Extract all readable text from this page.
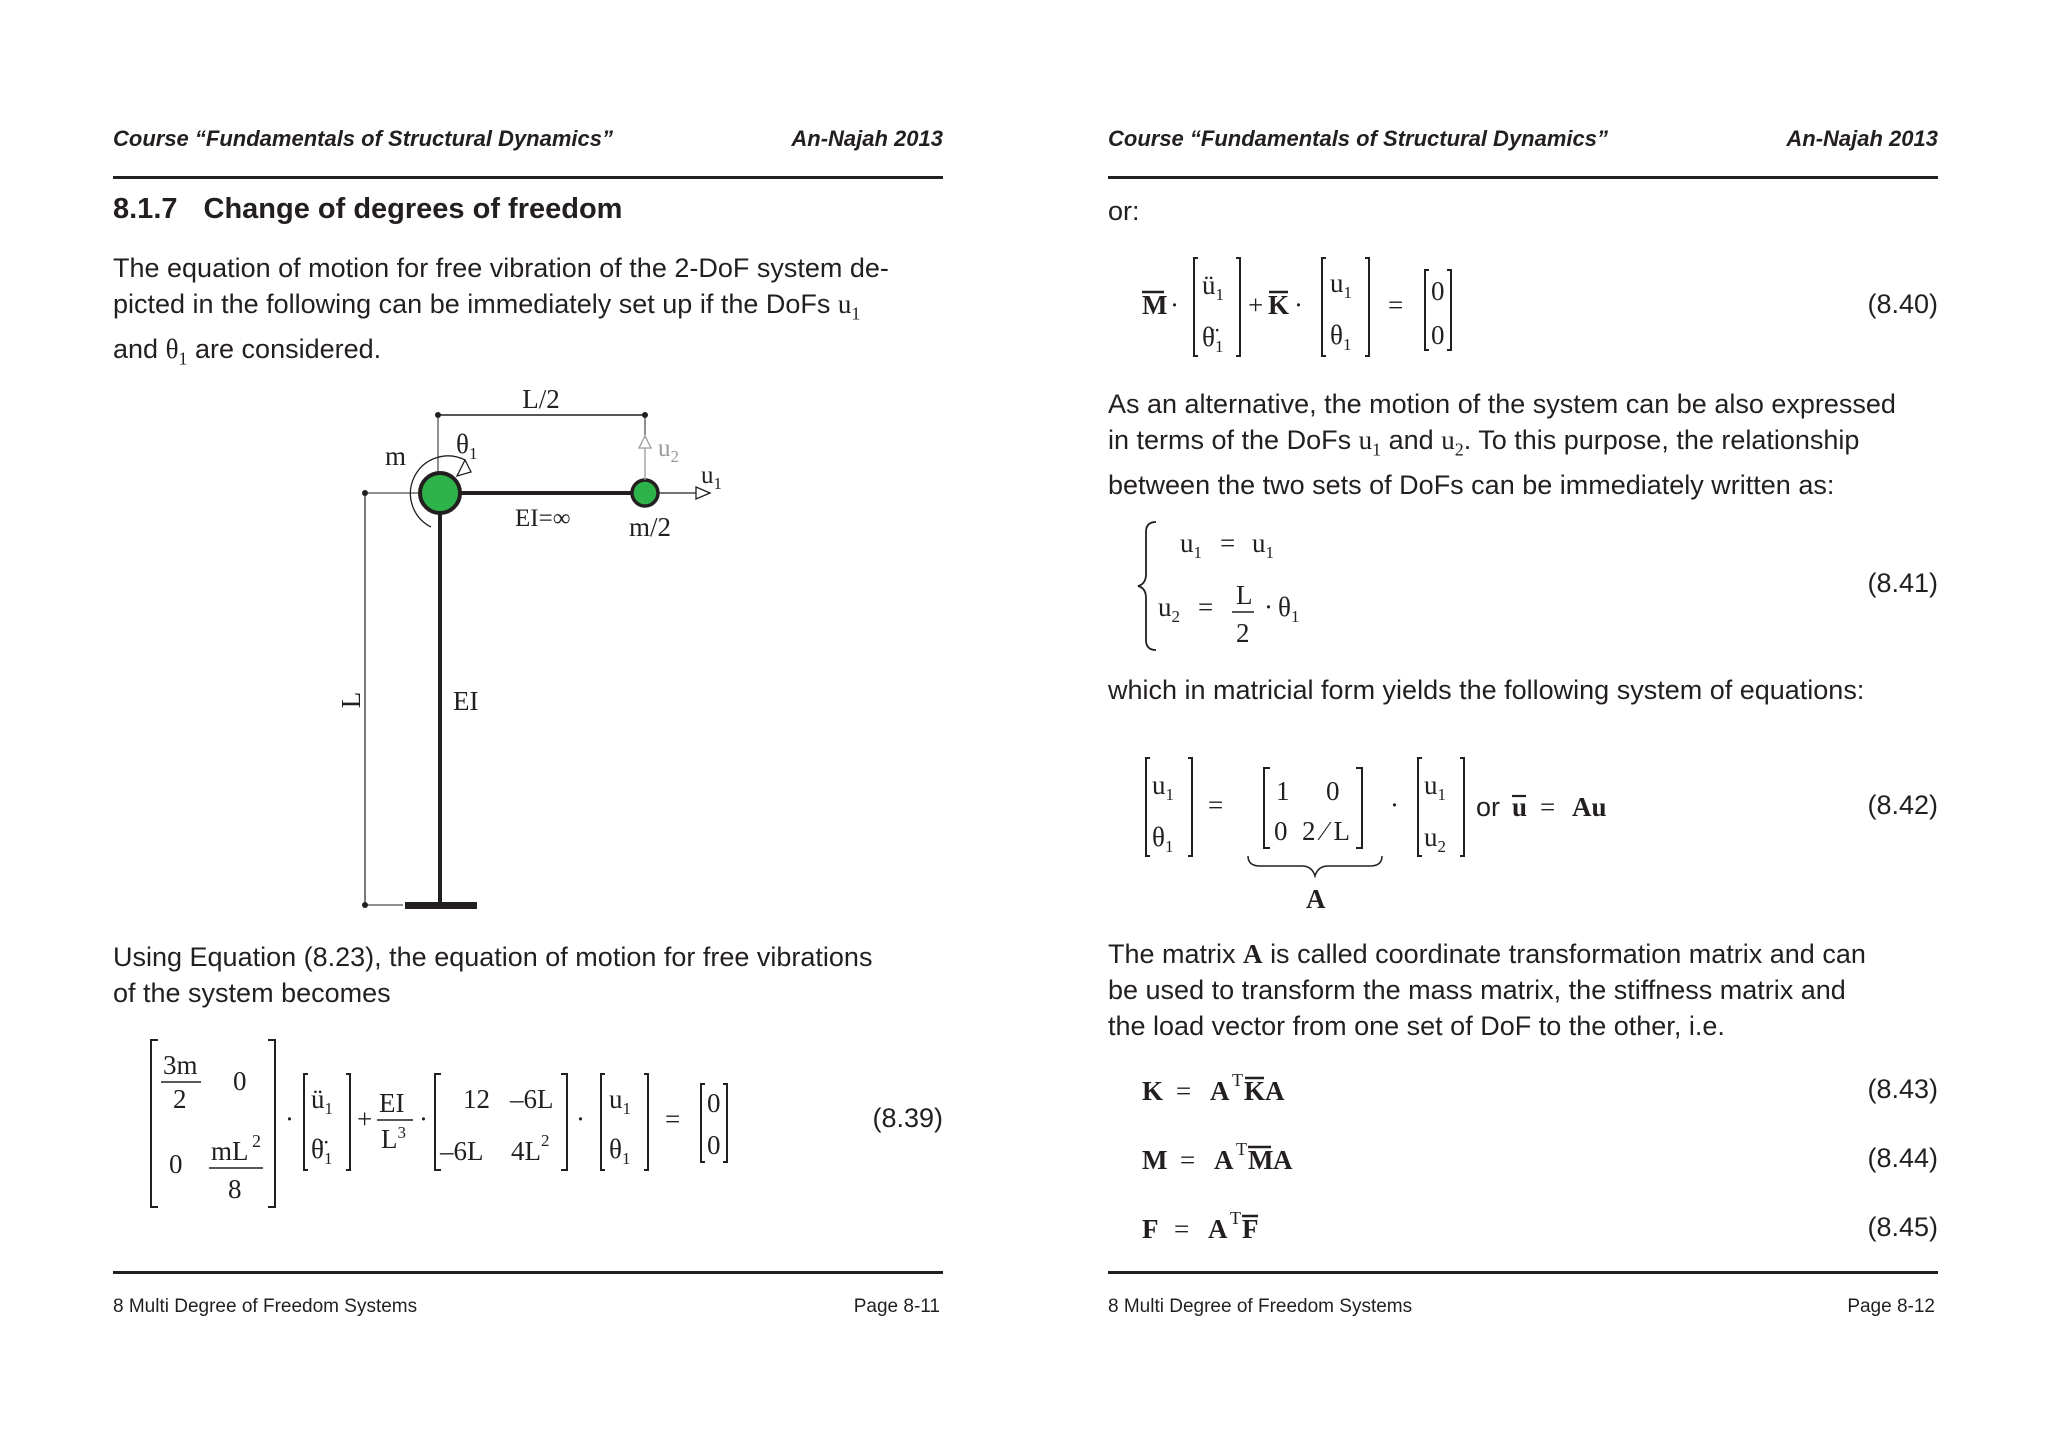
Course “Fundamentals of Structural Dynamics”	An-Najah 2013
8.1.7 Change of degrees of freedom
The equation of motion for free vibration of the 2-DoF system de-
picted in the following can be immediately set up if the DoFs $u_1$
and $\theta_1$ are considered.
L/2
L
m $\theta_1$	$u_2$
$u_1$
EI=∞ m/2
EI
Using Equation (8.23), the equation of motion for free vibrations
of the system becomes
3m
2
0
0 mL 2
8
·
$ü_1$
$\thetä_1$
+
EI
$L^3$ ·
12 –6L
–6L 4L 2
·
$u_1$
$\theta_1$
=
0
0
(8.39)
8 Multi Degree of Freedom Systems	Page 8-11
Course “Fundamentals of Structural Dynamics”	An-Najah 2013
or:
M ·
$ü_1$
$\thetä_1$
+ K ·
$u_1$
$\theta_1$
= 0
0
(8.40)
As an alternative, the motion of the system can be also expressed
in terms of the DoFs $u_1$ and $u_2$. To this purpose, the relationship
between the two sets of DoFs can be immediately written as:
$u_1 = u_1$
$u_2 = L$
2
· $\theta_1$
(8.41)
which in matricial form yields the following system of equations:
$u_1$
$\theta_1$
= 1 0
0 2 ⁄ L
A
·
$u_1$
$u_2$
or u = Au	(8.42)
The matrix A is called coordinate transformation matrix and can
be used to transform the mass matrix, the stiffness matrix and
the load vector from one set of DoF to the other, i.e.
K = A T K A
M = A T M A
F = A T F
(8.43)
(8.44)
(8.45)
8 Multi Degree of Freedom Systems	Page 8-12
